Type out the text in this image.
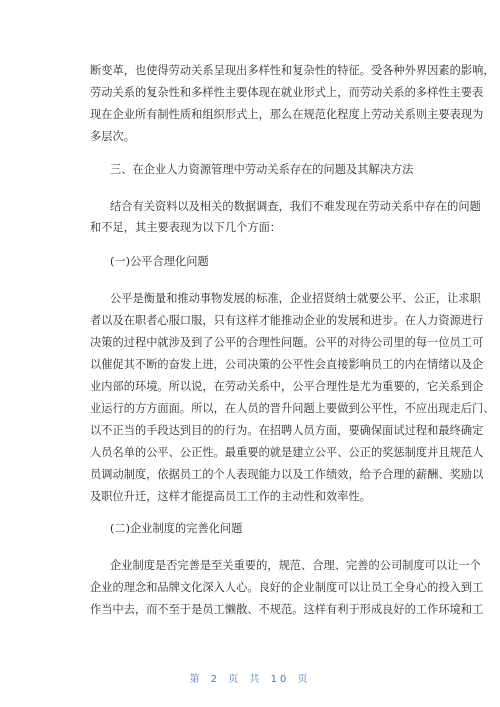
断变革，也使得劳动关系呈现出多样性和复杂性的特征。受各种外界因素的影响，
劳动关系的复杂性和多样性主要体现在就业形式上，而劳动关系的多样性主要表
现在企业所有制性质和组织形式上，那么在规范化程度上劳动关系则主要表现为
多层次。
三、在企业人力资源管理中劳动关系存在的问题及其解决方法
结合有关资料以及相关的数据调查，我们不难发现在劳动关系中存在的问题
和不足，其主要表现为以下几个方面：
(一)公平合理化问题
公平是衡量和推动事物发展的标准，企业招贤纳士就要公平、公正，让求职
者以及在职者心服口服，只有这样才能推动企业的发展和进步。在人力资源进行
决策的过程中就涉及到了公平的合理性问题。公平的对待公司里的每一位员工可
以催促其不断的奋发上进，公司决策的公平性会直接影响员工的内在情绪以及企
业内部的环境。所以说，在劳动关系中，公平合理性是尤为重要的，它关系到企
业运行的方方面面。所以，在人员的晋升问题上要做到公平性，不应出现走后门、
以不正当的手段达到目的的行为。在招聘人员方面，要确保面试过程和最终确定
人员名单的公平、公正性。最重要的就是建立公平、公正的奖惩制度并且规范人
员调动制度，依据员工的个人表现能力以及工作绩效，给予合理的薪酬、奖励以
及职位升迁，这样才能提高员工工作的主动性和效率性。
(二)企业制度的完善化问题
企业制度是否完善是至关重要的，规范、合理、完善的公司制度可以让一个
企业的理念和品牌文化深入人心。良好的企业制度可以让员工全身心的投入到工
作当中去，而不至于是员工懒散、不规范。这样有利于形成良好的工作环境和工
第 2 页 共 10 页
